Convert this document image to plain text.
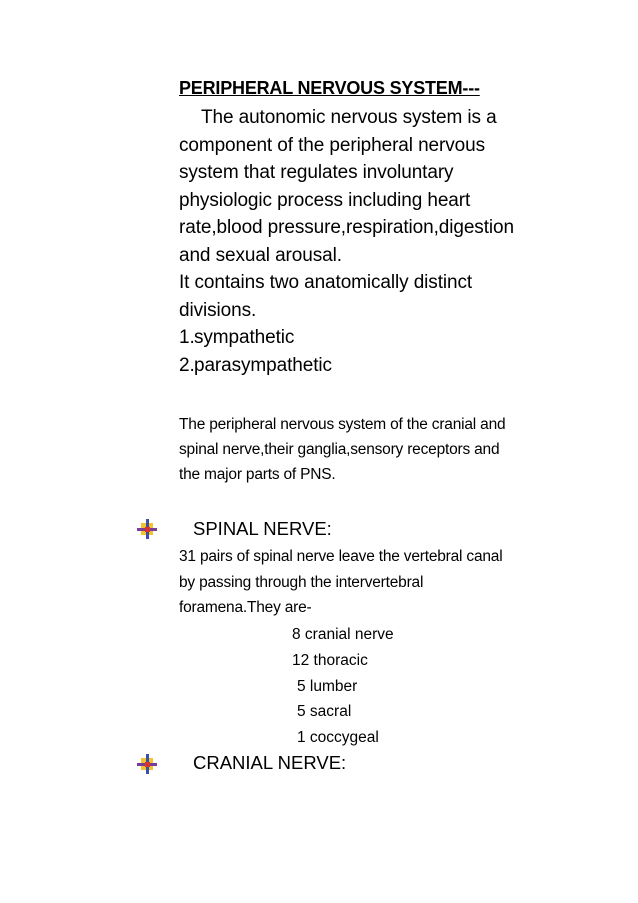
PERIPHERAL NERVOUS SYSTEM---
The autonomic nervous system is a
component of the peripheral nervous
system that regulates involuntary
physiologic process including heart
rate,blood pressure,respiration,digestion
and sexual arousal.
It contains two anatomically distinct
divisions.
1.sympathetic
2.parasympathetic
The peripheral nervous system of the cranial and
spinal nerve,their ganglia,sensory receptors and
the major parts of PNS.
SPINAL NERVE:
31 pairs of spinal nerve leave the vertebral canal
by passing through the intervertebral
foramena.They are-
8 cranial nerve
12 thoracic
5 lumber
5 sacral
1 coccygeal
CRANIAL NERVE:
